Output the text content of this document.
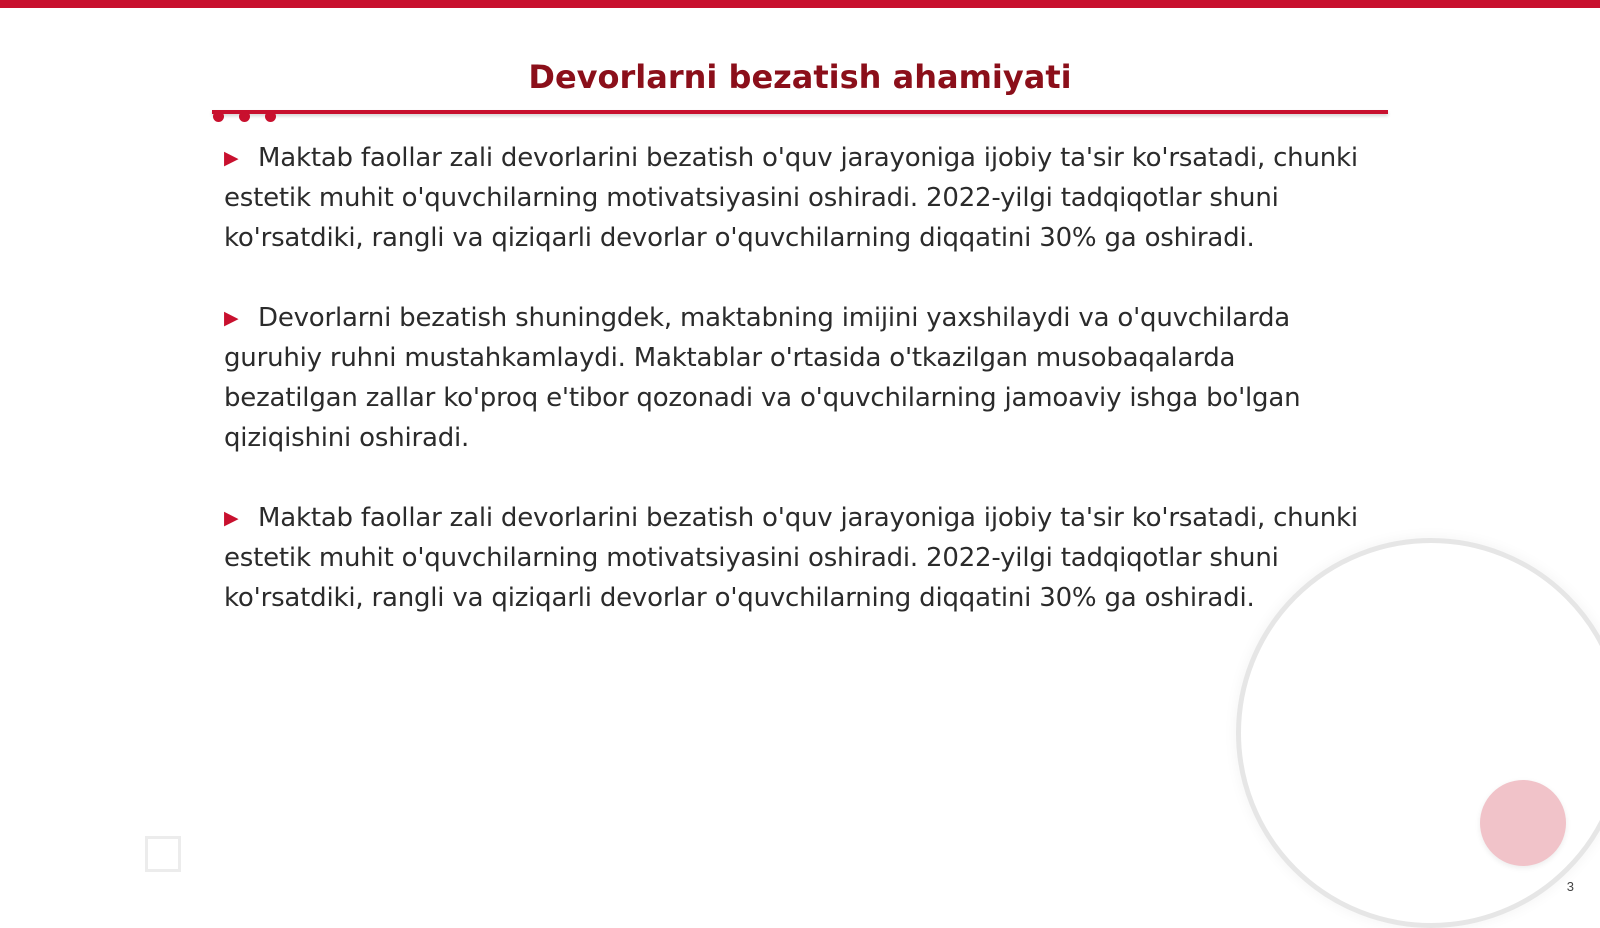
Devorlarni bezatish ahamiyati

▶ Maktab faollar zali devorlarini bezatish o'quv jarayoniga ijobiy ta'sir ko'rsatadi, chunki estetik muhit o'quvchilarning motivatsiyasini oshiradi. 2022-yilgi tadqiqotlar shuni ko'rsatdiki, rangli va qiziqarli devorlar o'quvchilarning diqqatini 30% ga oshiradi.

▶ Devorlarni bezatish shuningdek, maktabning imijini yaxshilaydi va o'quvchilarda guruhiy ruhni mustahkamlaydi. Maktablar o'rtasida o'tkazilgan musobaqalarda bezatilgan zallar ko'proq e'tibor qozonadi va o'quvchilarning jamoaviy ishga bo'lgan qiziqishini oshiradi.

▶ Maktab faollar zali devorlarini bezatish o'quv jarayoniga ijobiy ta'sir ko'rsatadi, chunki estetik muhit o'quvchilarning motivatsiyasini oshiradi. 2022-yilgi tadqiqotlar shuni ko'rsatdiki, rangli va qiziqarli devorlar o'quvchilarning diqqatini 30% ga oshiradi.

3
